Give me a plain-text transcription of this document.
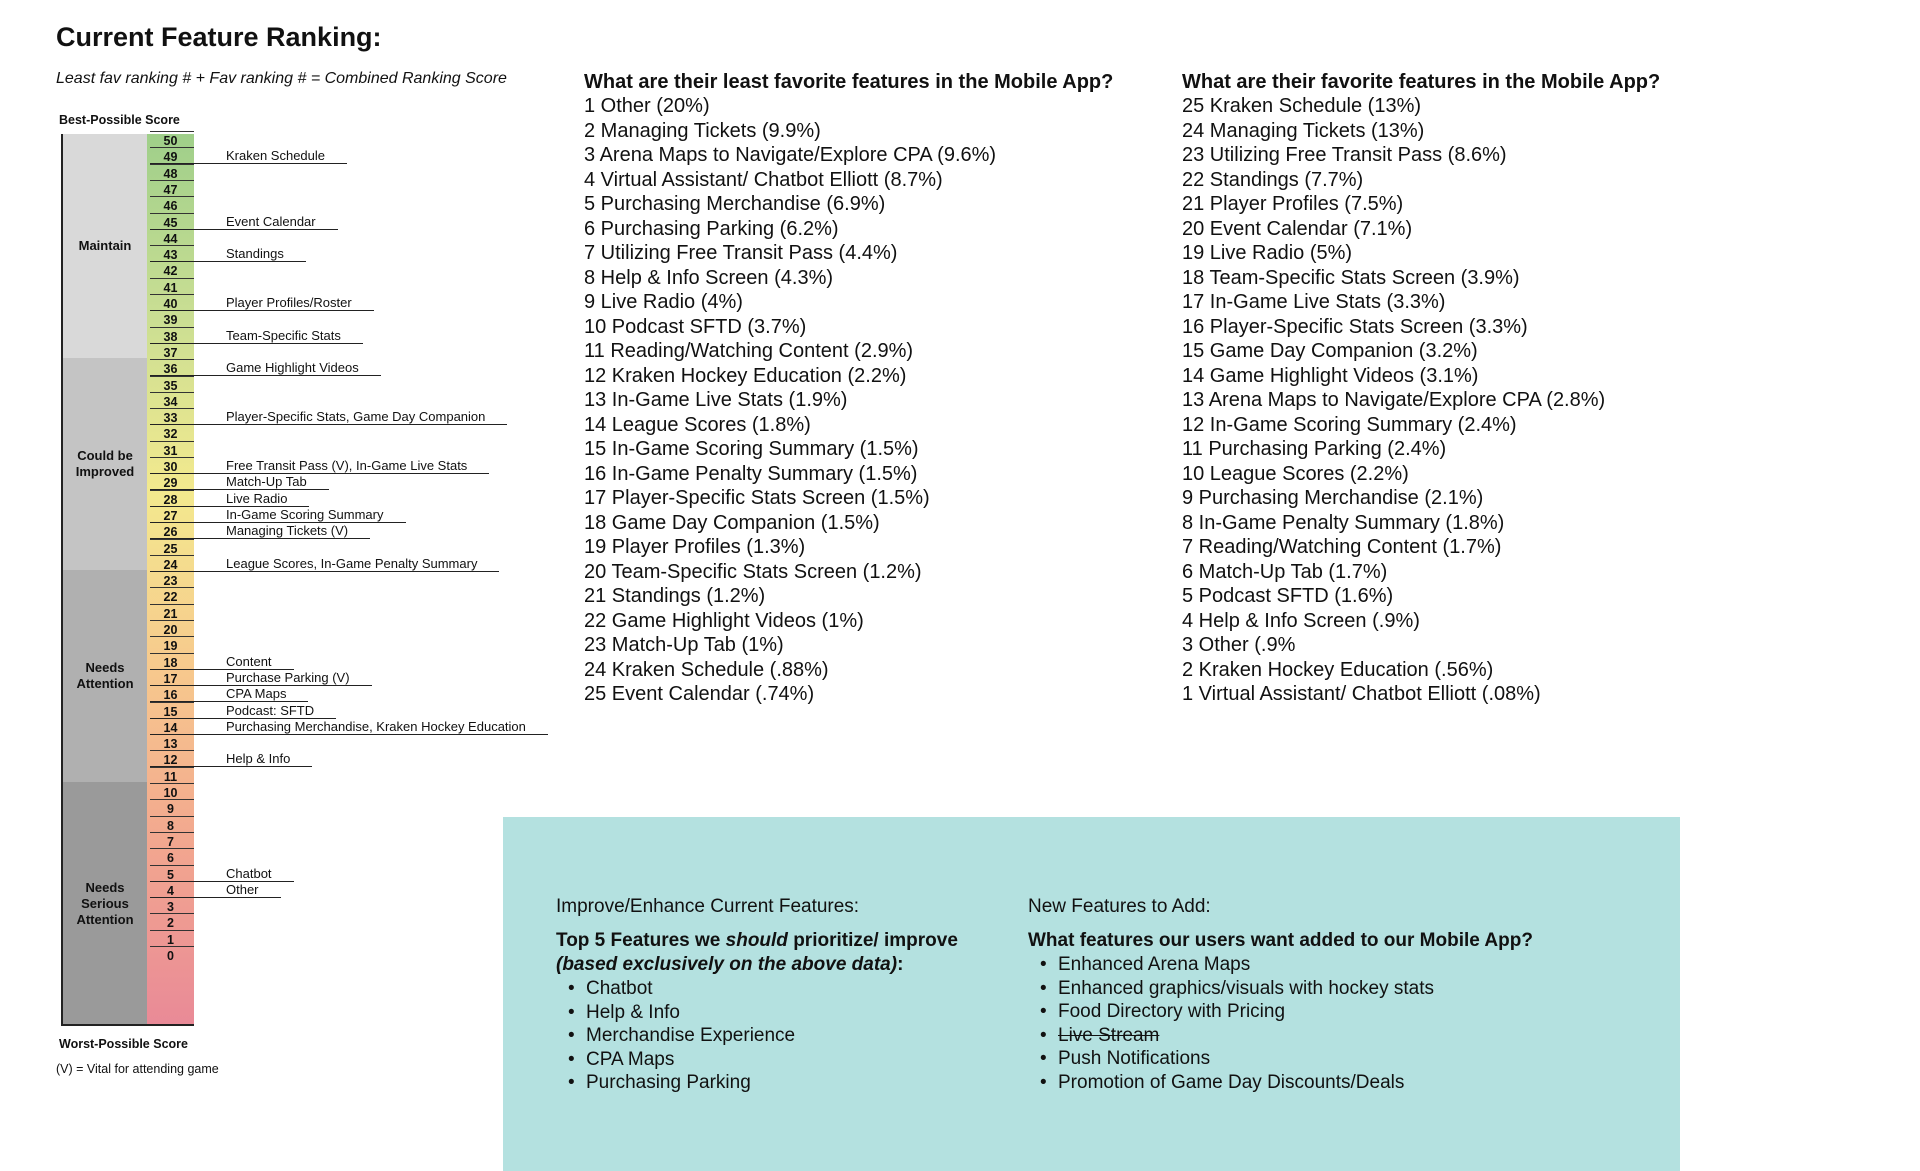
Current Feature Ranking:
Least fav ranking # + Fav ranking # = Combined Ranking Score
Best-Possible Score
Maintain
Could be
Improved
Needs
Attention
Needs
Serious
Attention
50
49
48
47
46
45
44
43
42
41
40
39
38
37
36
35
34
33
32
31
30
29
28
27
26
25
24
23
22
21
20
19
18
17
16
15
14
13
12
11
10
9
8
7
6
5
4
3
2
1
0
Kraken Schedule
Event Calendar
Standings
Player Profiles/Roster
Team-Specific Stats
Game Highlight Videos
Player-Specific Stats, Game Day Companion
Free Transit Pass (V), In-Game Live Stats
Match-Up Tab
Live Radio
In-Game Scoring Summary
Managing Tickets (V)
League Scores, In-Game Penalty Summary
Content
Purchase Parking (V)
CPA Maps
Podcast: SFTD
Purchasing Merchandise, Kraken Hockey Education
Help & Info
Chatbot
Other
Worst-Possible Score
(V) = Vital for attending game
What are their least favorite features in the Mobile App?
1 Other (20%)
2 Managing Tickets (9.9%)
3 Arena Maps to Navigate/Explore CPA (9.6%)
4 Virtual Assistant/ Chatbot Elliott (8.7%)
5 Purchasing Merchandise (6.9%)
6 Purchasing Parking (6.2%)
7 Utilizing Free Transit Pass (4.4%)
8 Help & Info Screen (4.3%)
9 Live Radio (4%)
10 Podcast SFTD (3.7%)
11 Reading/Watching Content (2.9%)
12 Kraken Hockey Education (2.2%)
13 In-Game Live Stats (1.9%)
14 League Scores (1.8%)
15 In-Game Scoring Summary (1.5%)
16 In-Game Penalty Summary (1.5%)
17 Player-Specific Stats Screen (1.5%)
18 Game Day Companion (1.5%)
19 Player Profiles (1.3%)
20 Team-Specific Stats Screen (1.2%)
21 Standings (1.2%)
22 Game Highlight Videos (1%)
23 Match-Up Tab (1%)
24 Kraken Schedule (.88%)
25 Event Calendar (.74%)
What are their favorite features in the Mobile App?
25 Kraken Schedule (13%)
24 Managing Tickets (13%)
23 Utilizing Free Transit Pass (8.6%)
22 Standings (7.7%)
21 Player Profiles (7.5%)
20 Event Calendar (7.1%)
19 Live Radio (5%)
18 Team-Specific Stats Screen (3.9%)
17 In-Game Live Stats (3.3%)
16 Player-Specific Stats Screen (3.3%)
15 Game Day Companion (3.2%)
14 Game Highlight Videos (3.1%)
13 Arena Maps to Navigate/Explore CPA (2.8%)
12 In-Game Scoring Summary (2.4%)
11 Purchasing Parking (2.4%)
10 League Scores (2.2%)
9 Purchasing Merchandise (2.1%)
8 In-Game Penalty Summary (1.8%)
7 Reading/Watching Content (1.7%)
6 Match-Up Tab (1.7%)
5 Podcast SFTD (1.6%)
4 Help & Info Screen (.9%)
3 Other (.9%
2 Kraken Hockey Education (.56%)
1 Virtual Assistant/ Chatbot Elliott (.08%)
Improve/Enhance Current Features:
Top 5 Features we should prioritize/ improve
(based exclusively on the above data):
• Chatbot
• Help & Info
• Merchandise Experience
• CPA Maps
• Purchasing Parking
New Features to Add:
What features our users want added to our Mobile App?
• Enhanced Arena Maps
• Enhanced graphics/visuals with hockey stats
• Food Directory with Pricing
• Live Stream
• Push Notifications
• Promotion of Game Day Discounts/Deals
